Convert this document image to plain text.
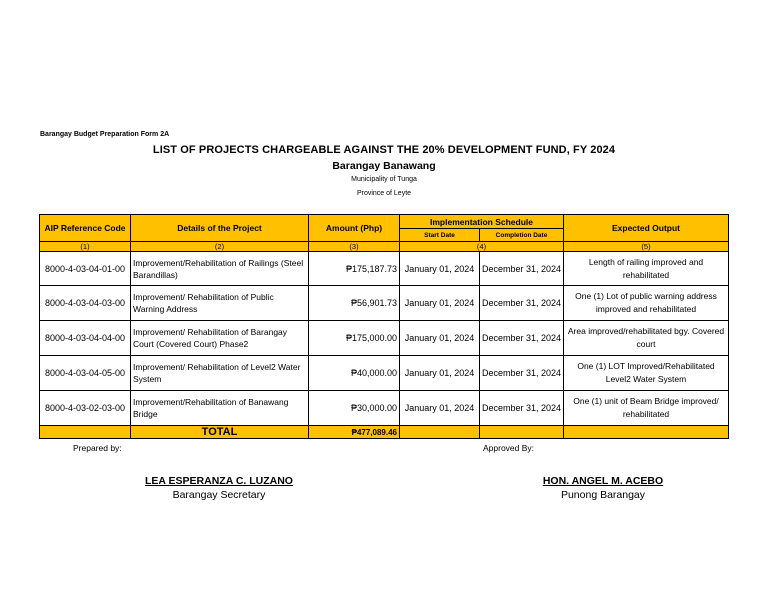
Barangay Budget Preparation Form 2A
LIST OF PROJECTS CHARGEABLE AGAINST THE 20% DEVELOPMENT FUND, FY 2024
Barangay Banawang
Municipality of Tunga
Province of Leyte
AIP Reference Code	Details of the Project	Amount (Php)	Implementation Schedule		Expected Output
			Start Date	Completion Date	
(1)	(2)	(3)	(4)		(5)
8000-4-03-04-01-00	Improvement/Rehabilitation of Railings (Steel Barandillas)	₱175,187.73	January 01, 2024	December 31, 2024	Length of railing improved and rehabilitated
8000-4-03-04-03-00	Improvement/ Rehabilitation of Public Warning Address	₱56,901.73	January 01, 2024	December 31, 2024	One (1) Lot of public warning address improved and rehabilitated
8000-4-03-04-04-00	Improvement/ Rehabilitation of Barangay Court (Covered Court) Phase2	₱175,000.00	January 01, 2024	December 31, 2024	Area improved/rehabilitated bgy. Covered court
8000-4-03-04-05-00	Improvement/ Rehabilitation of Level2 Water System	₱40,000.00	January 01, 2024	December 31, 2024	One (1) LOT Improved/Rehabilitated Level2 Water System
8000-4-03-02-03-00	Improvement/Rehabilitation of Banawang Bridge	₱30,000.00	January 01, 2024	December 31, 2024	One (1) unit of Beam Bridge improved/ rehabilitated
	TOTAL	₱477,089.46			
Prepared by:	Approved By:
LEA ESPERANZA C. LUZANO
Barangay Secretary
HON. ANGEL M. ACEBO
Punong Barangay
